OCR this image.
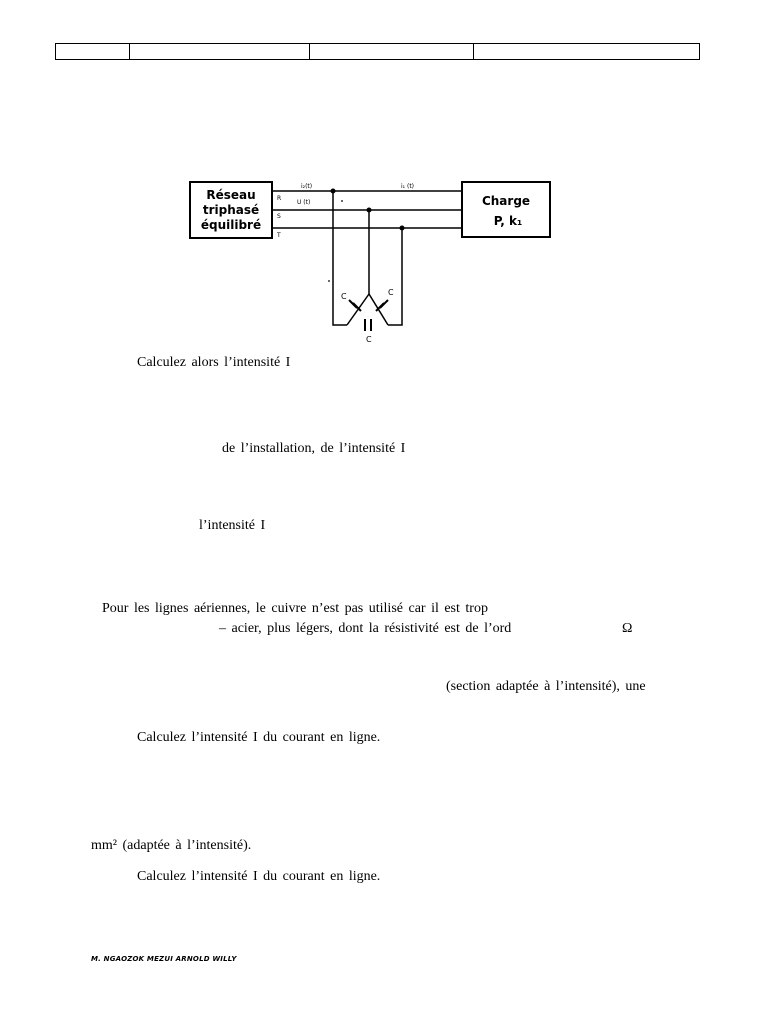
Réseau
triphasé
équilibré
Charge
P, k₁
R
S
T
i₂(t)
U (t)
i₁ (t)
C	C
C
Calculez alors l’intensité I
de l’installation, de l’intensité I
l’intensité I
Pour les lignes aériennes, le cuivre n’est pas utilisé car il est trop
– acier, plus légers, dont la résistivité est de l’ord	Ω
(section adaptée à l’intensité), une
Calculez l’intensité I du courant en ligne.
mm² (adaptée à l’intensité).
Calculez l’intensité I du courant en ligne.
M. NGAOZOK MEZUI ARNOLD WILLY
